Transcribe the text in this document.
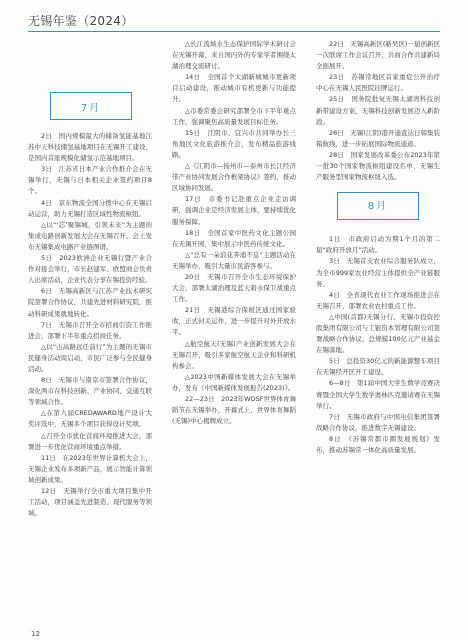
无锡年鉴（2024）
7月

2日　国内规模最大的储备氢能基地江苏中天科技储氢基地项目在无锡开工建设，是国内首座规模化储氢示范基地项目。

3日　江苏省日本产业合作推介会在无锡举行，无锡与日本相关企业签约项目8个。

4日　京东物流全国分拨中心在无锡启动运营，助力无锡打造区域性物流枢纽。

△以“‘芯’聚锡城，引领未来”为主题的集成电路创新发展大会在无锡召开。会上发布无锡集成电路产业链图谱。

5日　2023欧洲企业无锡行暨产业合作对接会举行，市长赵建军、欧盟商会负责人出席活动，企业代表分享在锡投资经验。

6日　无锡高新区与江苏产业技术研究院签署合作协议，共建先进材料研究院，推动科研成果就地转化。

7日　无锡市召开全市招商引资工作推进会，部署下半年重点招商任务。

△以“山高路远任前行”为主题的无锡市民健身活动周启动，市民广泛参与全民健身活动。

8日　无锡市与南京市签署合作协议，深化两市在科技创新、产业协同、交通互联等领域合作。

△在第九届CREDAWARD地产设计大奖评选中，无锡多个项目获得设计奖项。

△召开全市优化营商环境推进大会，部署进一步优化营商环境重点举措。

11日　在2023年世界计算机大会上，无锡企业发布多项新产品，展示智能计算领域创新成果。

12日　无锡举行全市重大项目集中开工活动，项目涵盖先进制造、现代服务等领域。

△长江流域水生态保护国际学术研讨会在无锡开幕，来自国内外的专家学者围绕太湖治理交流研讨。

14日　全国首个太湖新城城市更新项目启动建设，推动城市有机更新与功能提升。

△市委常委会研究部署全市下半年重点工作，强调聚焦高质量发展目标任务。

15日　江阴市、宜兴市共同举办长三角地区文化旅游推介会，发布精品旅游线路。

△《江阴市—扬州市—泰州市长江经济带产业协同发展合作框架协议》签约，推动区域协同发展。

17日　市委书记赴重点企业走访调研，强调企业是经济发展主体，要持续优化服务保障。

18日　全国首家中医药文化主题公园在无锡开园，集中展示中医药传统文化。

△“总有一朵浪花奔涌不息”主题活动在无锡举办，吸引大量市民游客参与。

20日　无锡市召开全市生态环境保护大会，部署太湖治理及蓝天碧水保卫战重点工作。

21日　无锡港综合保税区通过国家验收，正式封关运作，进一步提升对外开放水平。

△航空航天(无锡)产业创新发展大会在无锡召开，吸引多家航空航天企业和科研机构参会。

△2023中国新媒体发展大会在无锡举办，发布《中国新媒体发展报告(2023)》。

22—23日　2023年WDSF世界体育舞蹈节在无锡举办，开幕式上，世界体育舞蹈(无锡)中心揭牌成立。

22日　无锡高新区(新吴区)一届创新区一次联席工作会议召开，共商合作共建新局全面展开。

23日　苏锡常地区首家重症公开治疗中心在无锡人民医院挂牌运行。

25日　国务院批复无锡太湖湾科技创新带建设方案，无锡科技创新发展迈入新阶段。

26日　无锡(江阴)港开通直达日韩集装箱航线，进一步拓展国际物流通道。

28日　国家发展改革委公布2023年第一批30个国家物流枢纽建设名单，无锡生产服务型国家物流枢纽入选。

8月

1日　市政府启动为期1个月的第二届“政府开放月”活动。

3日　无锡首支农业综合服务队成立，为全市999家农业经营主体提供全产业链服务。

4日　全省现代农业工作现场推进会在无锡召开，部署农业农村重点工作。

△中国(首都)无锡分行、无锡市投资控股集团有限公司与工银资本管理有限公司签署战略合作协议，总规模100亿元产业基金在锡落地。

5日　总投资30亿元的新能源整车项目在无锡经开区开工建设。

6—8日　第1届中国大学生数学竞赛决赛暨全国大学生数学奥林匹克邀请赛在无锡举行。

7日　无锡市政府与中国电信集团签署战略合作协议，推进数字无锡建设。

8日　《苏锡常都市圈发展规划》发布，推动苏锡常一体化高质量发展。

12
